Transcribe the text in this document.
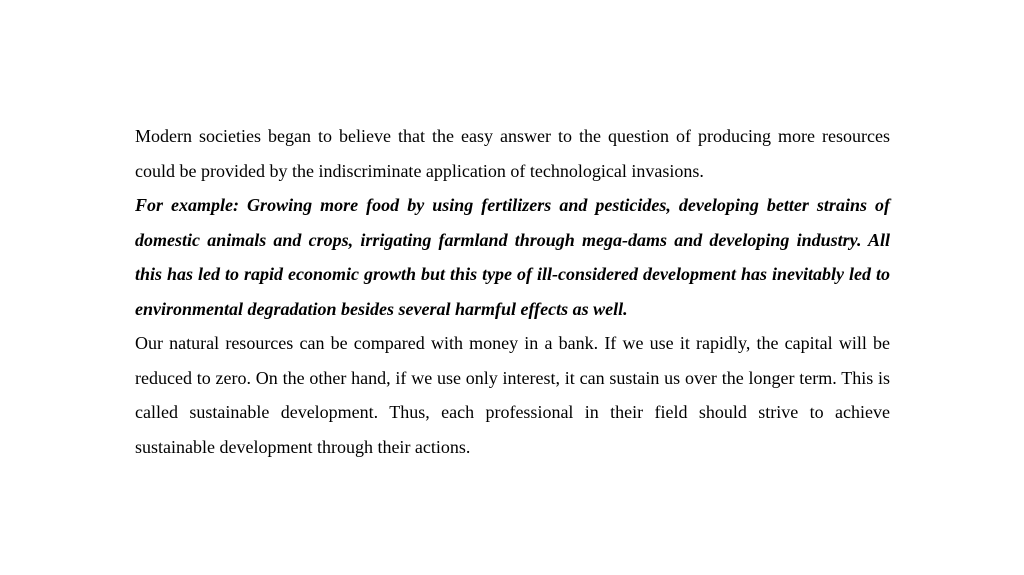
Modern societies began to believe that the easy answer to the question of producing more resources could be provided by the indiscriminate application of technological invasions.

For example: Growing more food by using fertilizers and pesticides, developing better strains of domestic animals and crops, irrigating farmland through mega-dams and developing industry. All this has led to rapid economic growth but this type of ill-considered development has inevitably led to environmental degradation besides several harmful effects as well.

Our natural resources can be compared with money in a bank. If we use it rapidly, the capital will be reduced to zero. On the other hand, if we use only interest, it can sustain us over the longer term. This is called sustainable development. Thus, each professional in their field should strive to achieve sustainable development through their actions.
